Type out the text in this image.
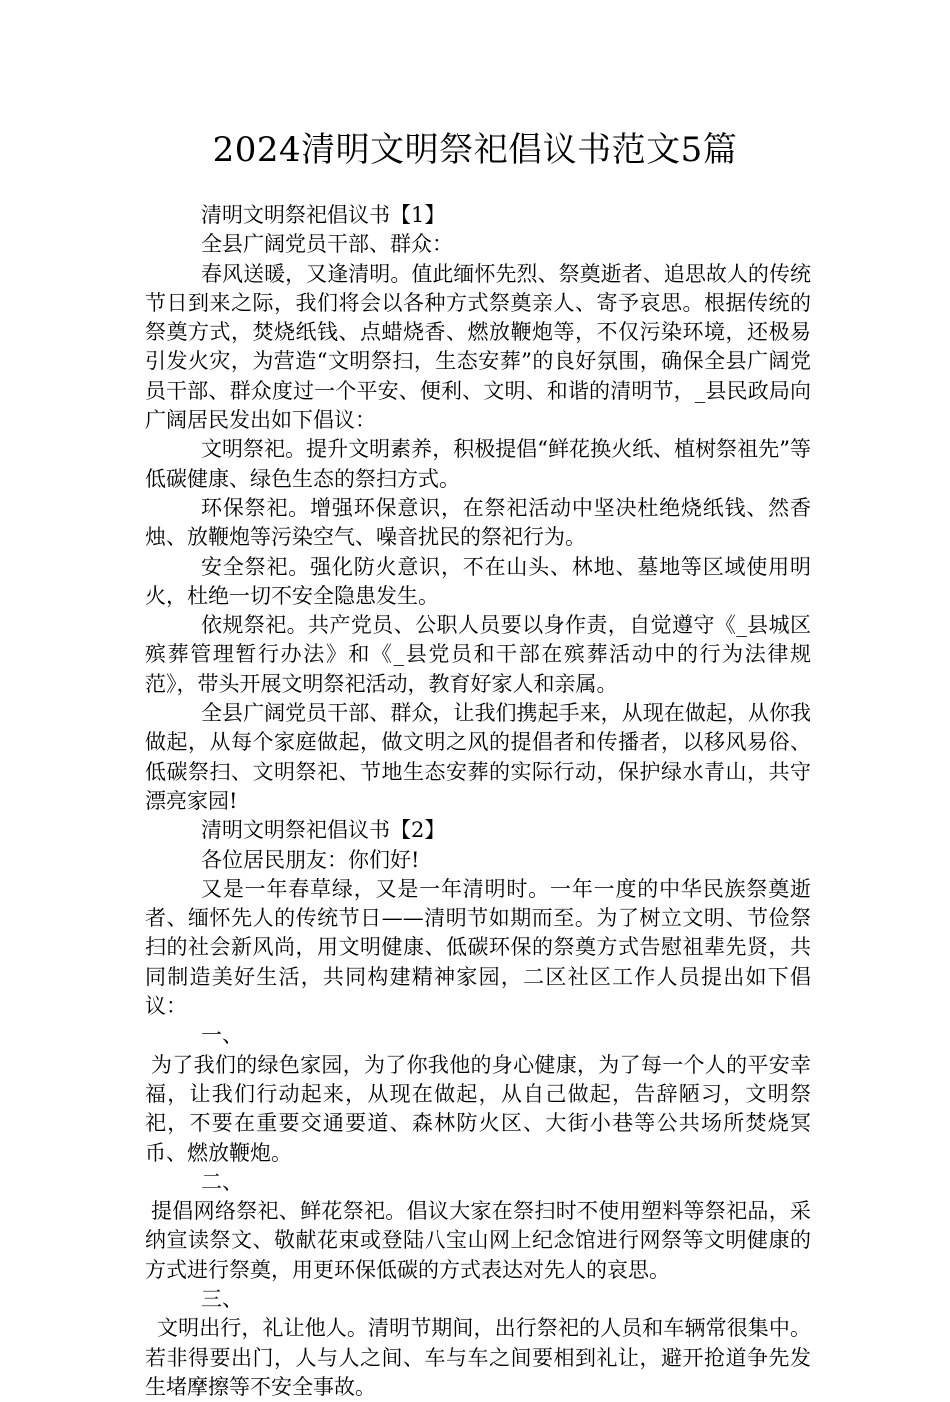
2024清明文明祭祀倡议书范文5篇

清明文明祭祀倡议书【1】

全县广阔党员干部、群众：

春风送暖，又逢清明。值此缅怀先烈、祭奠逝者、追思故人的传统节日到来之际，我们将会以各种方式祭奠亲人、寄予哀思。根据传统的祭奠方式，焚烧纸钱、点蜡烧香、燃放鞭炮等，不仅污染环境，还极易引发火灾，为营造“文明祭扫，生态安葬”的良好氛围，确保全县广阔党员干部、群众度过一个平安、便利、文明、和谐的清明节，_县民政局向广阔居民发出如下倡议：

文明祭祀。提升文明素养，积极提倡“鲜花换火纸、植树祭祖先”等低碳健康、绿色生态的祭扫方式。

环保祭祀。增强环保意识，在祭祀活动中坚决杜绝烧纸钱、然香烛、放鞭炮等污染空气、噪音扰民的祭祀行为。

安全祭祀。强化防火意识，不在山头、林地、墓地等区域使用明火，杜绝一切不安全隐患发生。

依规祭祀。共产党员、公职人员要以身作责，自觉遵守《_县城区殡葬管理暂行办法》和《_县党员和干部在殡葬活动中的行为法律规范》，带头开展文明祭祀活动，教育好家人和亲属。

全县广阔党员干部、群众，让我们携起手来，从现在做起，从你我做起，从每个家庭做起，做文明之风的提倡者和传播者，以移风易俗、低碳祭扫、文明祭祀、节地生态安葬的实际行动，保护绿水青山，共守漂亮家园!

清明文明祭祀倡议书【2】

各位居民朋友：你们好!

又是一年春草绿，又是一年清明时。一年一度的中华民族祭奠逝者、缅怀先人的传统节日——清明节如期而至。为了树立文明、节俭祭扫的社会新风尚，用文明健康、低碳环保的祭奠方式告慰祖辈先贤，共同制造美好生活，共同构建精神家园，二区社区工作人员提出如下倡议：

一、

为了我们的绿色家园，为了你我他的身心健康，为了每一个人的平安幸福，让我们行动起来，从现在做起，从自己做起，告辞陋习，文明祭祀，不要在重要交通要道、森林防火区、大街小巷等公共场所焚烧冥币、燃放鞭炮。

二、

提倡网络祭祀、鲜花祭祀。倡议大家在祭扫时不使用塑料等祭祀品，采纳宣读祭文、敬献花束或登陆八宝山网上纪念馆进行网祭等文明健康的方式进行祭奠，用更环保低碳的方式表达对先人的哀思。

三、

文明出行，礼让他人。清明节期间，出行祭祀的人员和车辆常很集中。若非得要出门，人与人之间、车与车之间要相到礼让，避开抢道争先发生堵摩擦等不安全事故。
